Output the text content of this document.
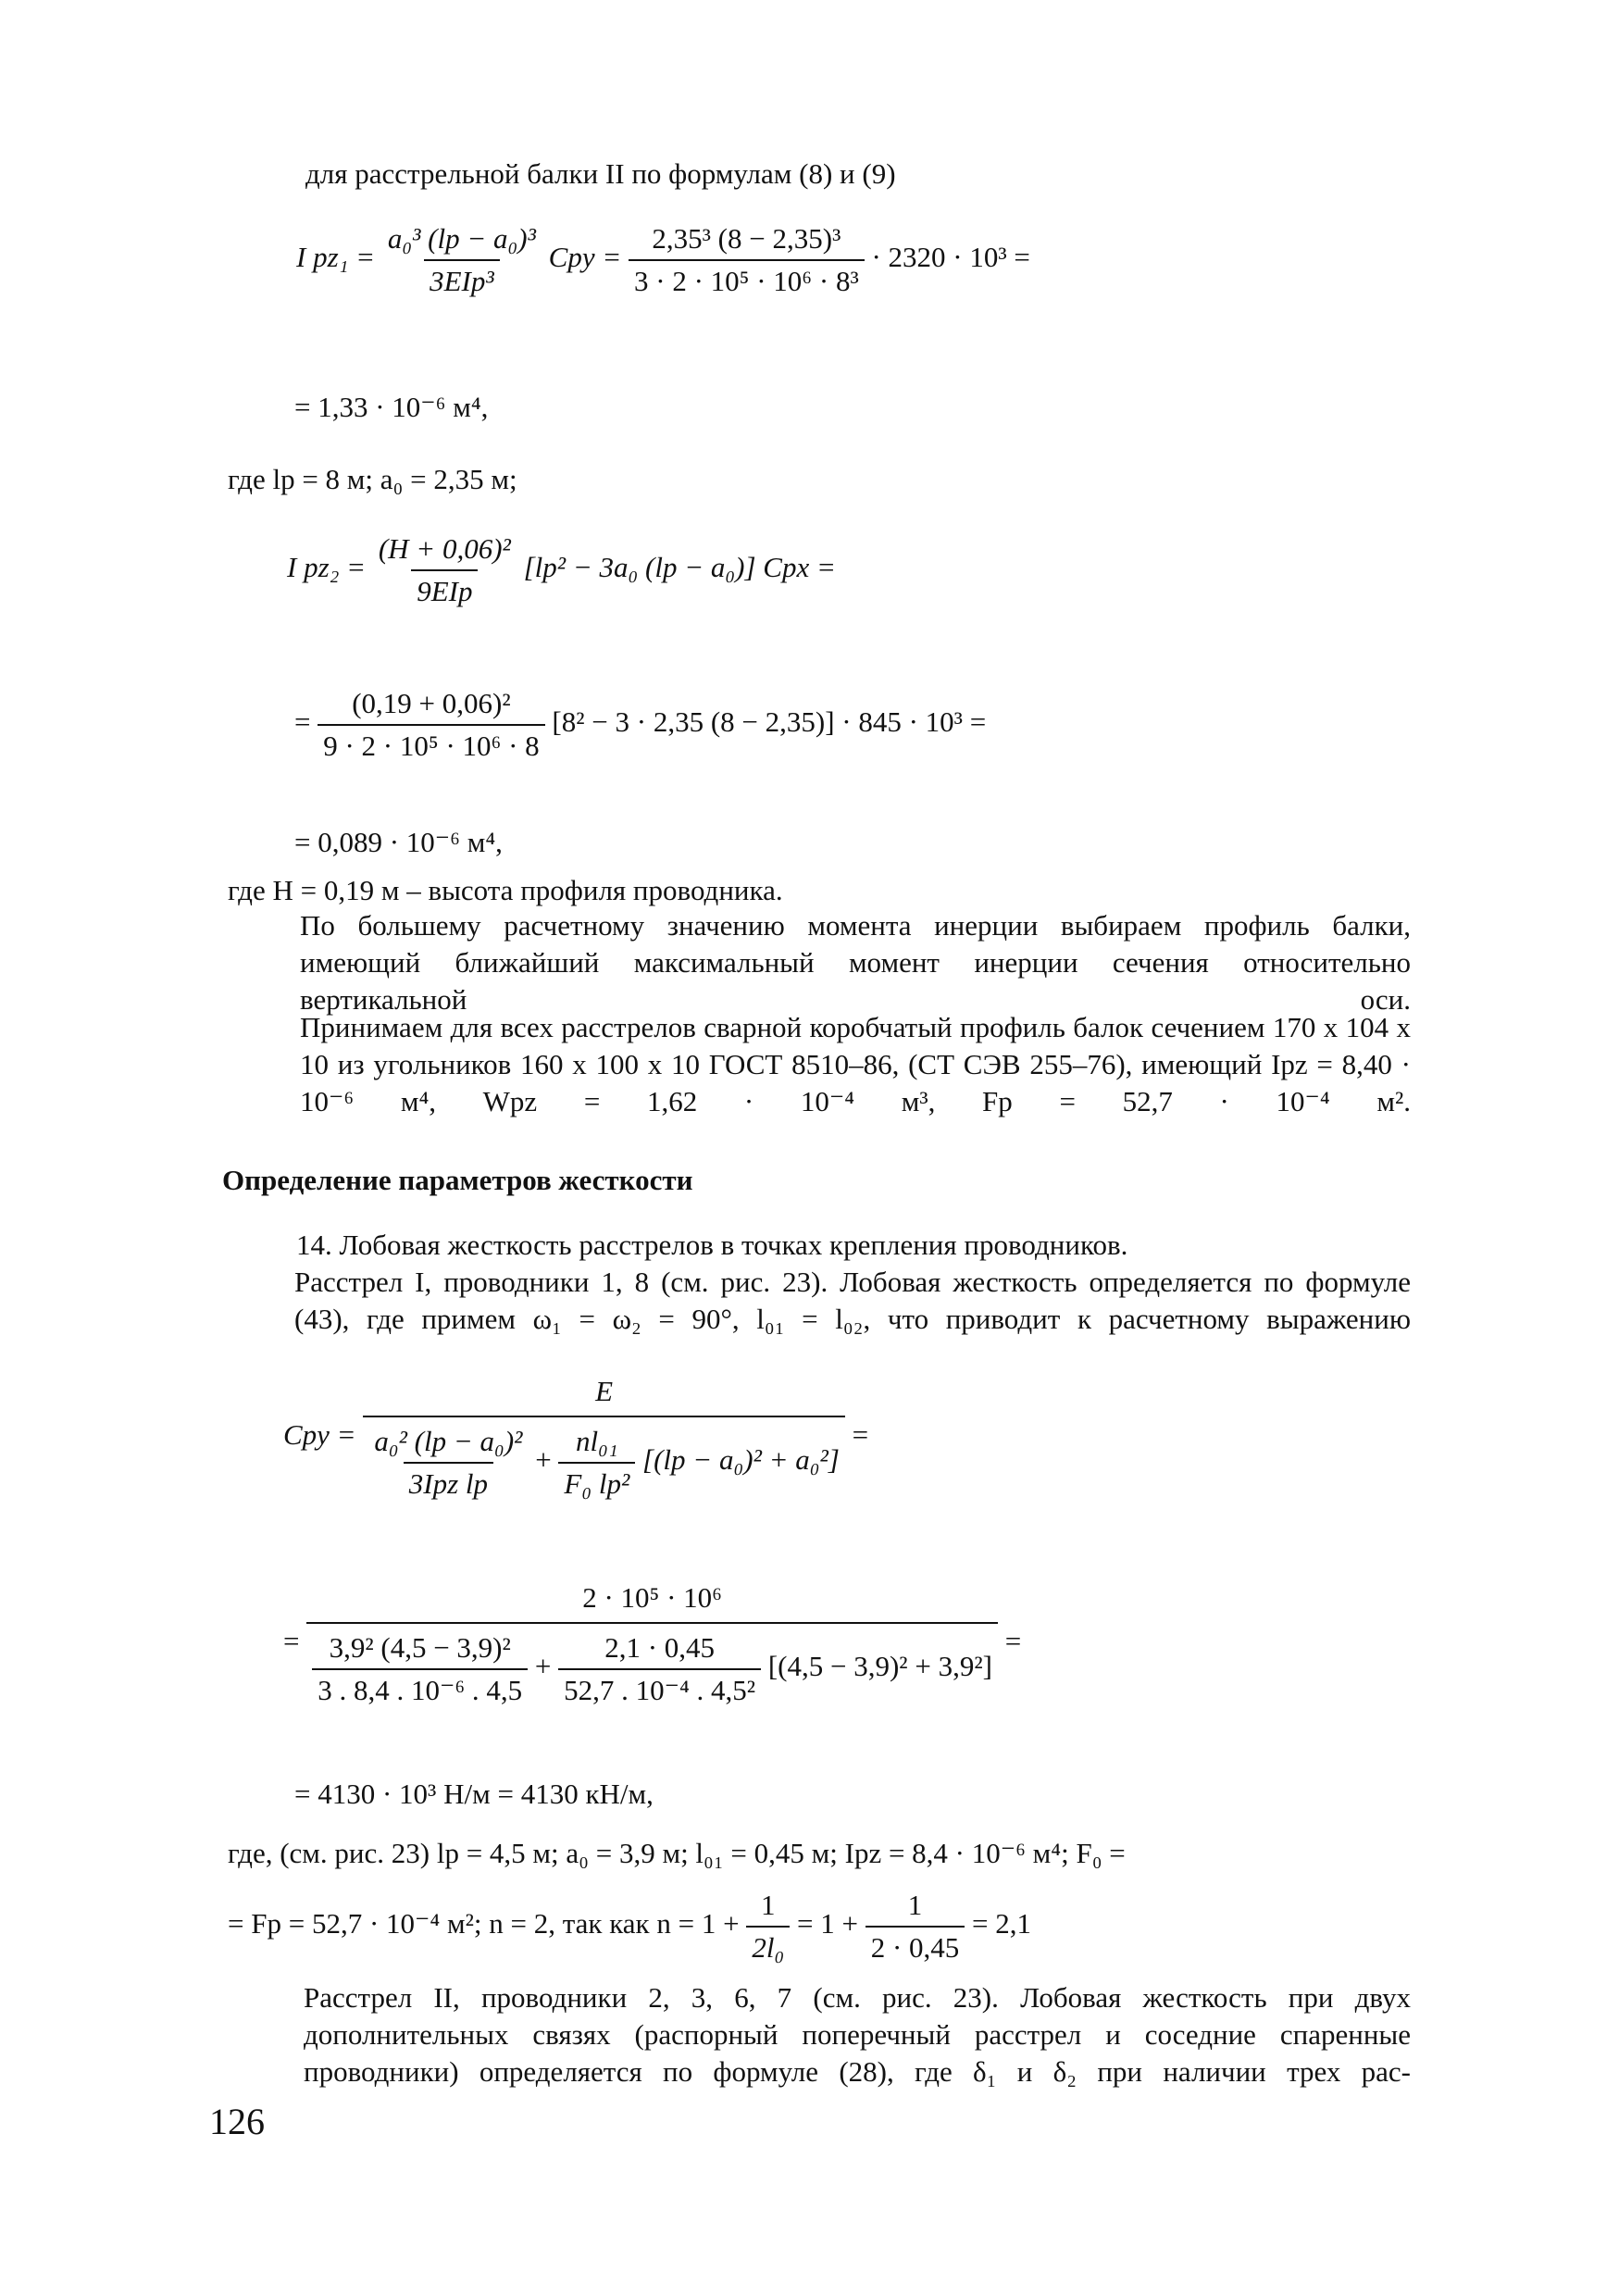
для расстрельной балки II по формулам (8) и (9)
I $pz_1 = \frac{\text{a₀³ (lp − a₀)³}}{\text{3EIp³}}$ Cpy = $\frac{\text{2,35³ (8 − 2,35)³}}{\text{3 · 2 · 10⁵ · 10⁶ · 8³}} \cdot 2320 \cdot 10^3$ =
= 1,33 · 10⁻⁶ м⁴,
где lp = 8 м; a₀ = 2,35 м;
I $pz_2 = \frac{\text{(H + 0,06)²}}{\text{9EIp}} [lp^2 - 3a_0$ (lp − a₀)] Cpx =
= $\frac{\text{(0,19 + 0,06)²}}{\text{9 · 2 · 10⁵ · 10⁶ · 8}} [8^2 - 3 \cdot 2,35$ (8 − 2,35)] · 845 · 10³ =
= 0,089 · 10⁻⁶ м⁴,
где H = 0,19 м – высота профиля проводника.
По большему расчетному значению момента инерции выбираем профиль балки, имеющий ближайший максимальный момент инерции сечения относительно вертикальной оси.
Принимаем для всех расстрелов сварной коробчатый профиль балок сечением 170 x 104 x 10 из угольников 160 x 100 x 10 ГОСТ 8510–86, (СТ СЭВ 255–76), имеющий Ipz = 8,40 · 10⁻⁶ м⁴, Wpz = 1,62 · 10⁻⁴ м³, Fp = 52,7 · 10⁻⁴ м².
Определение параметров жесткости
14. Лобовая жесткость расстрелов в точках крепления проводников.
Расстрел I, проводники 1, 8 (см. рис. 23). Лобовая жесткость определяется по формуле (43), где примем ω₁ = ω₂ = 90°, l₀₁ = l₀₂, что приводит к расчетному выражению
Cpy =
E
$\frac{\text{a₀² (lp − a₀)²}}{\text{3Ipz lp}} + \frac{\text{nl₀₁}}{\text{F₀ lp²}} [(lp - a_0)^2 + a_0^2]$
=
=
2 · 10⁵ · 10⁶
$\frac{\text{3,9² (4,5 − 3,9)²}}{\text{3 . 8,4 . 10⁻⁶ . 4,5}} + \frac{2,1 \cdot 0,45}{\text{52,7 . 10⁻⁴ . 4,5²}} [(4,5 - 3,9)^2 + 3,9^2]$
=
= 4130 · 10³ Н/м = 4130 кН/м,
где, (см. рис. 23) lp = 4,5 м; a₀ = 3,9 м; l₀₁ = 0,45 м; Ipz = 8,4 · 10⁻⁶ м⁴; F₀ =
= Fp = 52,7 · 10⁻⁴ м²; n = 2, так как $n = 1 + \frac{1}{\text{2l₀}} = 1 + \frac{1}{2 \cdot 0,45} = 2,1$
Расстрел II, проводники 2, 3, 6, 7 (см. рис. 23). Лобовая жесткость при двух дополнительных связях (распорный поперечный расстрел и соседние спаренные проводники) определяется по формуле (28), где δ₁ и δ₂ при наличии трех рас-
126
